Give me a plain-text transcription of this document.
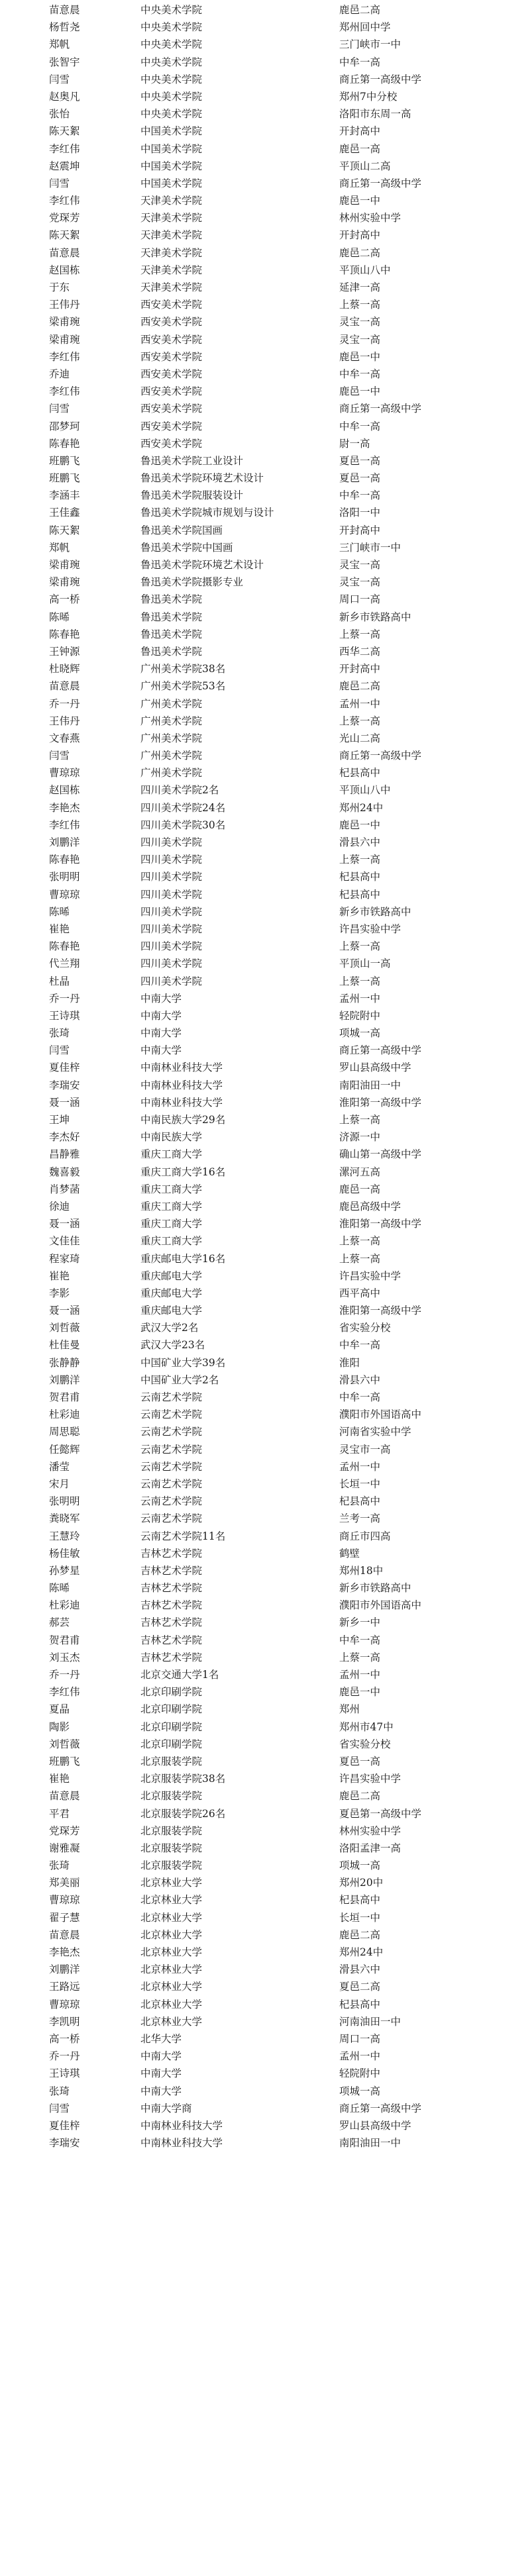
苗意晨	中央美术学院	鹿邑二高
杨哲尧	中央美术学院	郑州回中学
郑帆	中央美术学院	三门峡市一中
张智宇	中央美术学院	中牟一高
闫雪	中央美术学院	商丘第一高级中学
赵奥凡	中央美术学院	郑州7中分校
张怡	中央美术学院	洛阳市东周一高
陈天絮	中国美术学院	开封高中
李红伟	中国美术学院	鹿邑一高
赵震坤	中国美术学院	平顶山二高
闫雪	中国美术学院	商丘第一高级中学
李红伟	天津美术学院	鹿邑一中
党琛芳	天津美术学院	林州实验中学
陈天絮	天津美术学院	开封高中
苗意晨	天津美术学院	鹿邑二高
赵国栋	天津美术学院	平顶山八中
于东	天津美术学院	延津一高
王伟丹	西安美术学院	上蔡一高
梁甫琬	西安美术学院	灵宝一高
梁甫琬	西安美术学院	灵宝一高
李红伟	西安美术学院	鹿邑一中
乔迪	西安美术学院	中牟一高
李红伟	西安美术学院	鹿邑一中
闫雪	西安美术学院	商丘第一高级中学
邵梦珂	西安美术学院	中牟一高
陈春艳	西安美术学院	尉一高
班鹏飞	鲁迅美术学院工业设计	夏邑一高
班鹏飞	鲁迅美术学院环境艺术设计	夏邑一高
李涵丰	鲁迅美术学院服装设计	中牟一高
王佳鑫	鲁迅美术学院城市规划与设计	洛阳一中
陈天絮	鲁迅美术学院国画	开封高中
郑帆	鲁迅美术学院中国画	三门峡市一中
梁甫琬	鲁迅美术学院环境艺术设计	灵宝一高
梁甫琬	鲁迅美术学院摄影专业	灵宝一高
高一桥	鲁迅美术学院	周口一高
陈晞	鲁迅美术学院	新乡市铁路高中
陈春艳	鲁迅美术学院	上蔡一高
王钟源	鲁迅美术学院	西华二高
杜晓辉	广州美术学院38名	开封高中
苗意晨	广州美术学院53名	鹿邑二高
乔一丹	广州美术学院	孟州一中
王伟丹	广州美术学院	上蔡一高
文春燕	广州美术学院	光山二高
闫雪	广州美术学院	商丘第一高级中学
曹琼琼	广州美术学院	杞县高中
赵国栋	四川美术学院2名	平顶山八中
李艳杰	四川美术学院24名	郑州24中
李红伟	四川美术学院30名	鹿邑一中
刘鹏洋	四川美术学院	滑县六中
陈春艳	四川美术学院	上蔡一高
张明明	四川美术学院	杞县高中
曹琼琼	四川美术学院	杞县高中
陈晞	四川美术学院	新乡市铁路高中
崔艳	四川美术学院	许昌实验中学
陈春艳	四川美术学院	上蔡一高
代兰翔	四川美术学院	平顶山一高
杜晶	四川美术学院	上蔡一高
乔一丹	中南大学	孟州一中
王诗琪	中南大学	轻院附中
张琦	中南大学	项城一高
闫雪	中南大学	商丘第一高级中学
夏佳梓	中南林业科技大学	罗山县高级中学
李瑞安	中南林业科技大学	南阳油田一中
聂一涵	中南林业科技大学	淮阳第一高级中学
王坤	中南民族大学29名	上蔡一高
李杰好	中南民族大学	济源一中
昌静雅	重庆工商大学	确山第一高级中学
魏喜毅	重庆工商大学16名	漯河五高
肖梦菡	重庆工商大学	鹿邑一高
徐迪	重庆工商大学	鹿邑高级中学
聂一涵	重庆工商大学	淮阳第一高级中学
文佳佳	重庆工商大学	上蔡一高
程家琦	重庆邮电大学16名	上蔡一高
崔艳	重庆邮电大学	许昌实验中学
李影	重庆邮电大学	西平高中
聂一涵	重庆邮电大学	淮阳第一高级中学
刘哲薇	武汉大学2名	省实验分校
杜佳曼	武汉大学23名	中牟一高
张静静	中国矿业大学39名	淮阳
刘鹏洋	中国矿业大学2名	滑县六中
贺君甫	云南艺术学院	中牟一高
杜彩迪	云南艺术学院	濮阳市外国语高中
周思聪	云南艺术学院	河南省实验中学
任懿辉	云南艺术学院	灵宝市一高
潘莹	云南艺术学院	孟州一中
宋月	云南艺术学院	长垣一中
张明明	云南艺术学院	杞县高中
粪晓军	云南艺术学院	兰考一高
王慧玲	云南艺术学院11名	商丘市四高
杨佳敏	吉林艺术学院	鹤壁
孙梦星	吉林艺术学院	郑州18中
陈晞	吉林艺术学院	新乡市铁路高中
杜彩迪	吉林艺术学院	濮阳市外国语高中
郝芸	吉林艺术学院	新乡一中
贺君甫	吉林艺术学院	中牟一高
刘玉杰	吉林艺术学院	上蔡一高
乔一丹	北京交通大学1名	孟州一中
李红伟	北京印刷学院	鹿邑一中
夏晶	北京印刷学院	郑州
陶影	北京印刷学院	郑州市47中
刘哲薇	北京印刷学院	省实验分校
班鹏飞	北京服装学院	夏邑一高
崔艳	北京服装学院38名	许昌实验中学
苗意晨	北京服装学院	鹿邑二高
平君	北京服装学院26名	夏邑第一高级中学
党琛芳	北京服装学院	林州实验中学
谢雅凝	北京服装学院	洛阳孟津一高
张琦	北京服装学院	项城一高
郑美丽	北京林业大学	郑州20中
曹琼琼	北京林业大学	杞县高中
翟子慧	北京林业大学	长垣一中
苗意晨	北京林业大学	鹿邑二高
李艳杰	北京林业大学	郑州24中
刘鹏洋	北京林业大学	滑县六中
王路远	北京林业大学	夏邑二高
曹琼琼	北京林业大学	杞县高中
李凯明	北京林业大学	河南油田一中
高一桥	北华大学	周口一高
乔一丹	中南大学	孟州一中
王诗琪	中南大学	轻院附中
张琦	中南大学	项城一高
闫雪	中南大学商	商丘第一高级中学
夏佳梓	中南林业科技大学	罗山县高级中学
李瑞安	中南林业科技大学	南阳油田一中
